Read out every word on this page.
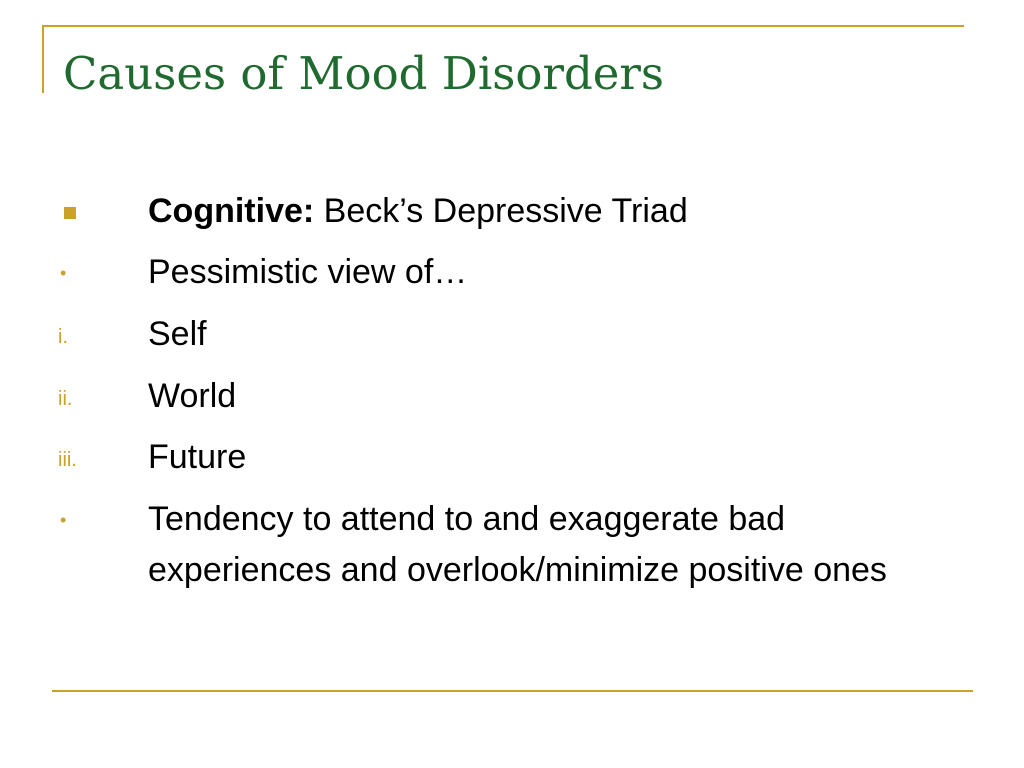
Causes of Mood Disorders
Cognitive: Beck’s Depressive Triad
• Pessimistic view of…
i. Self
ii. World
iii. Future
• Tendency to attend to and exaggerate bad experiences and overlook/minimize positive ones
